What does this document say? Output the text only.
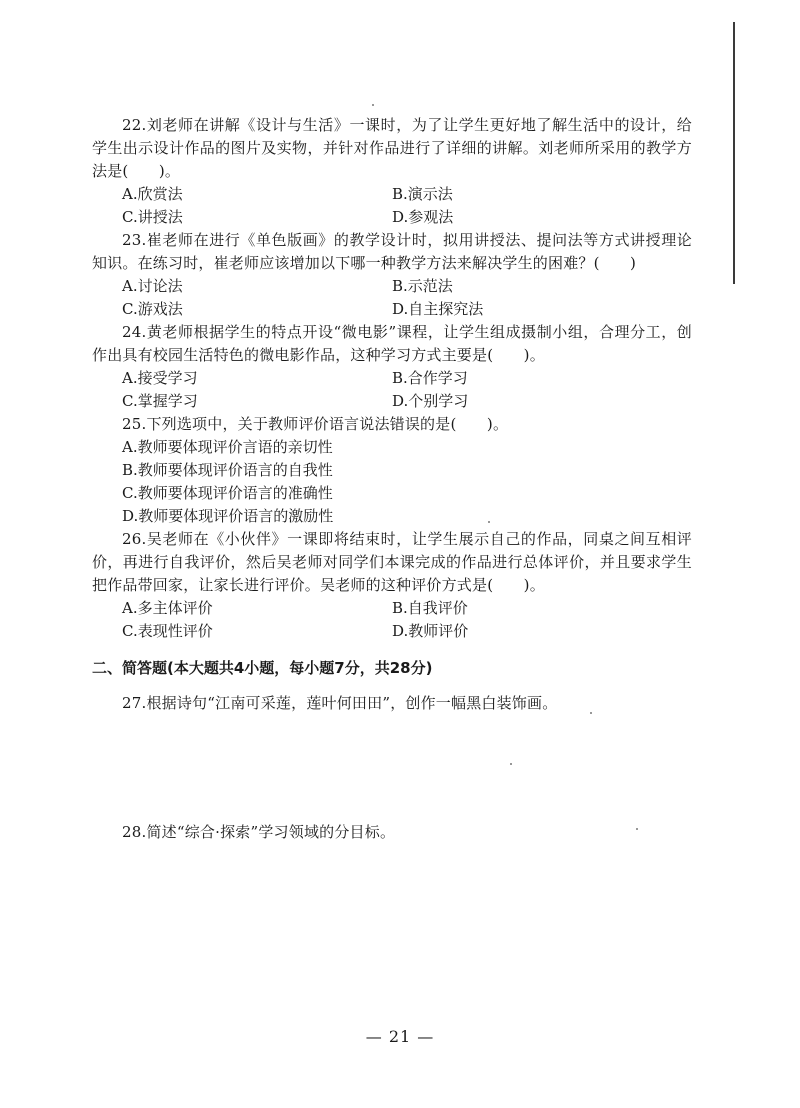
22.刘老师在讲解《设计与生活》一课时，为了让学生更好地了解生活中的设计，给学生出示设计作品的图片及实物，并针对作品进行了详细的讲解。刘老师所采用的教学方法是(　　)。

A.欣赏法	B.演示法
C.讲授法	D.参观法

23.崔老师在进行《单色版画》的教学设计时，拟用讲授法、提问法等方式讲授理论知识。在练习时，崔老师应该增加以下哪一种教学方法来解决学生的困难？(　　)

A.讨论法	B.示范法
C.游戏法	D.自主探究法

24.黄老师根据学生的特点开设“微电影”课程，让学生组成摄制小组，合理分工，创作出具有校园生活特色的微电影作品，这种学习方式主要是(　　)。

A.接受学习	B.合作学习
C.掌握学习	D.个别学习

25.下列选项中，关于教师评价语言说法错误的是(　　)。

A.教师要体现评价言语的亲切性
B.教师要体现评价语言的自我性
C.教师要体现评价语言的准确性
D.教师要体现评价语言的激励性

26.吴老师在《小伙伴》一课即将结束时，让学生展示自己的作品，同桌之间互相评价，再进行自我评价，然后吴老师对同学们本课完成的作品进行总体评价，并且要求学生把作品带回家，让家长进行评价。吴老师的这种评价方式是(　　)。

A.多主体评价	B.自我评价
C.表现性评价	D.教师评价
二、简答题(本大题共4小题，每小题7分，共28分)

27.根据诗句“江南可采莲，莲叶何田田”，创作一幅黑白装饰画。

28.简述“综合·探索”学习领域的分目标。

— 21 —
